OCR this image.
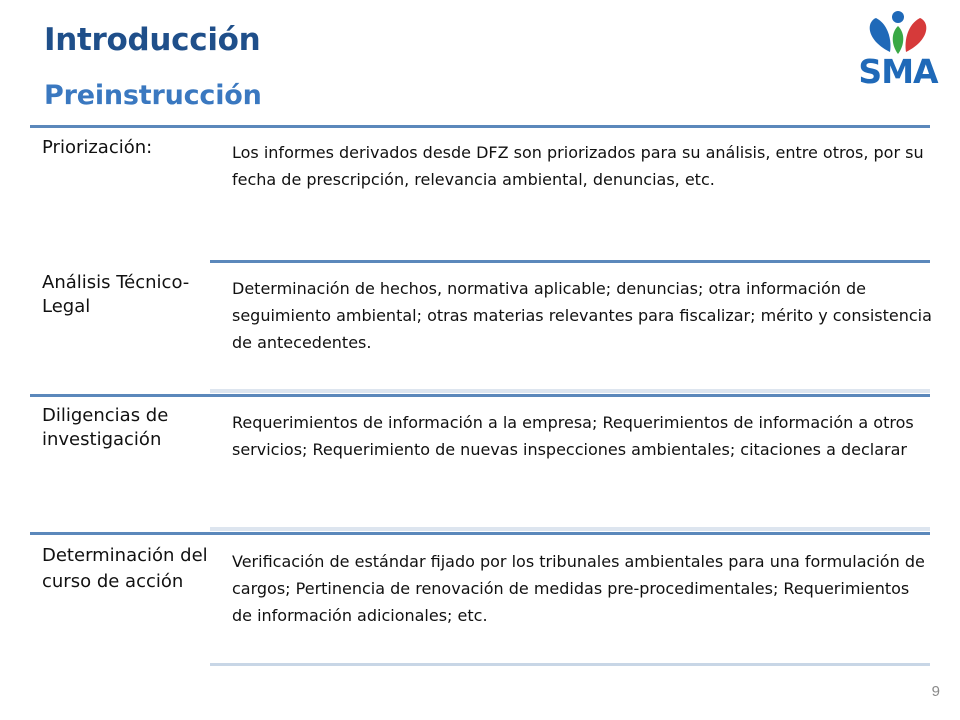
Introducción
Preinstrucción
SMA
Priorización:	Los informes derivados desde DFZ son priorizados para su análisis, entre otros, por su fecha de prescripción, relevancia ambiental, denuncias, etc.
Análisis Técnico-Legal
Determinación de hechos, normativa aplicable; denuncias; otra información de seguimiento ambiental; otras materias relevantes para fiscalizar; mérito y consistencia de antecedentes.
Diligencias de investigación
Requerimientos de información a la empresa; Requerimientos de información a otros servicios; Requerimiento de nuevas inspecciones ambientales; citaciones a declarar
Determinación del curso de acción
Verificación de estándar fijado por los tribunales ambientales para una formulación de cargos; Pertinencia de renovación de medidas pre-procedimentales; Requerimientos de información adicionales; etc.
9
